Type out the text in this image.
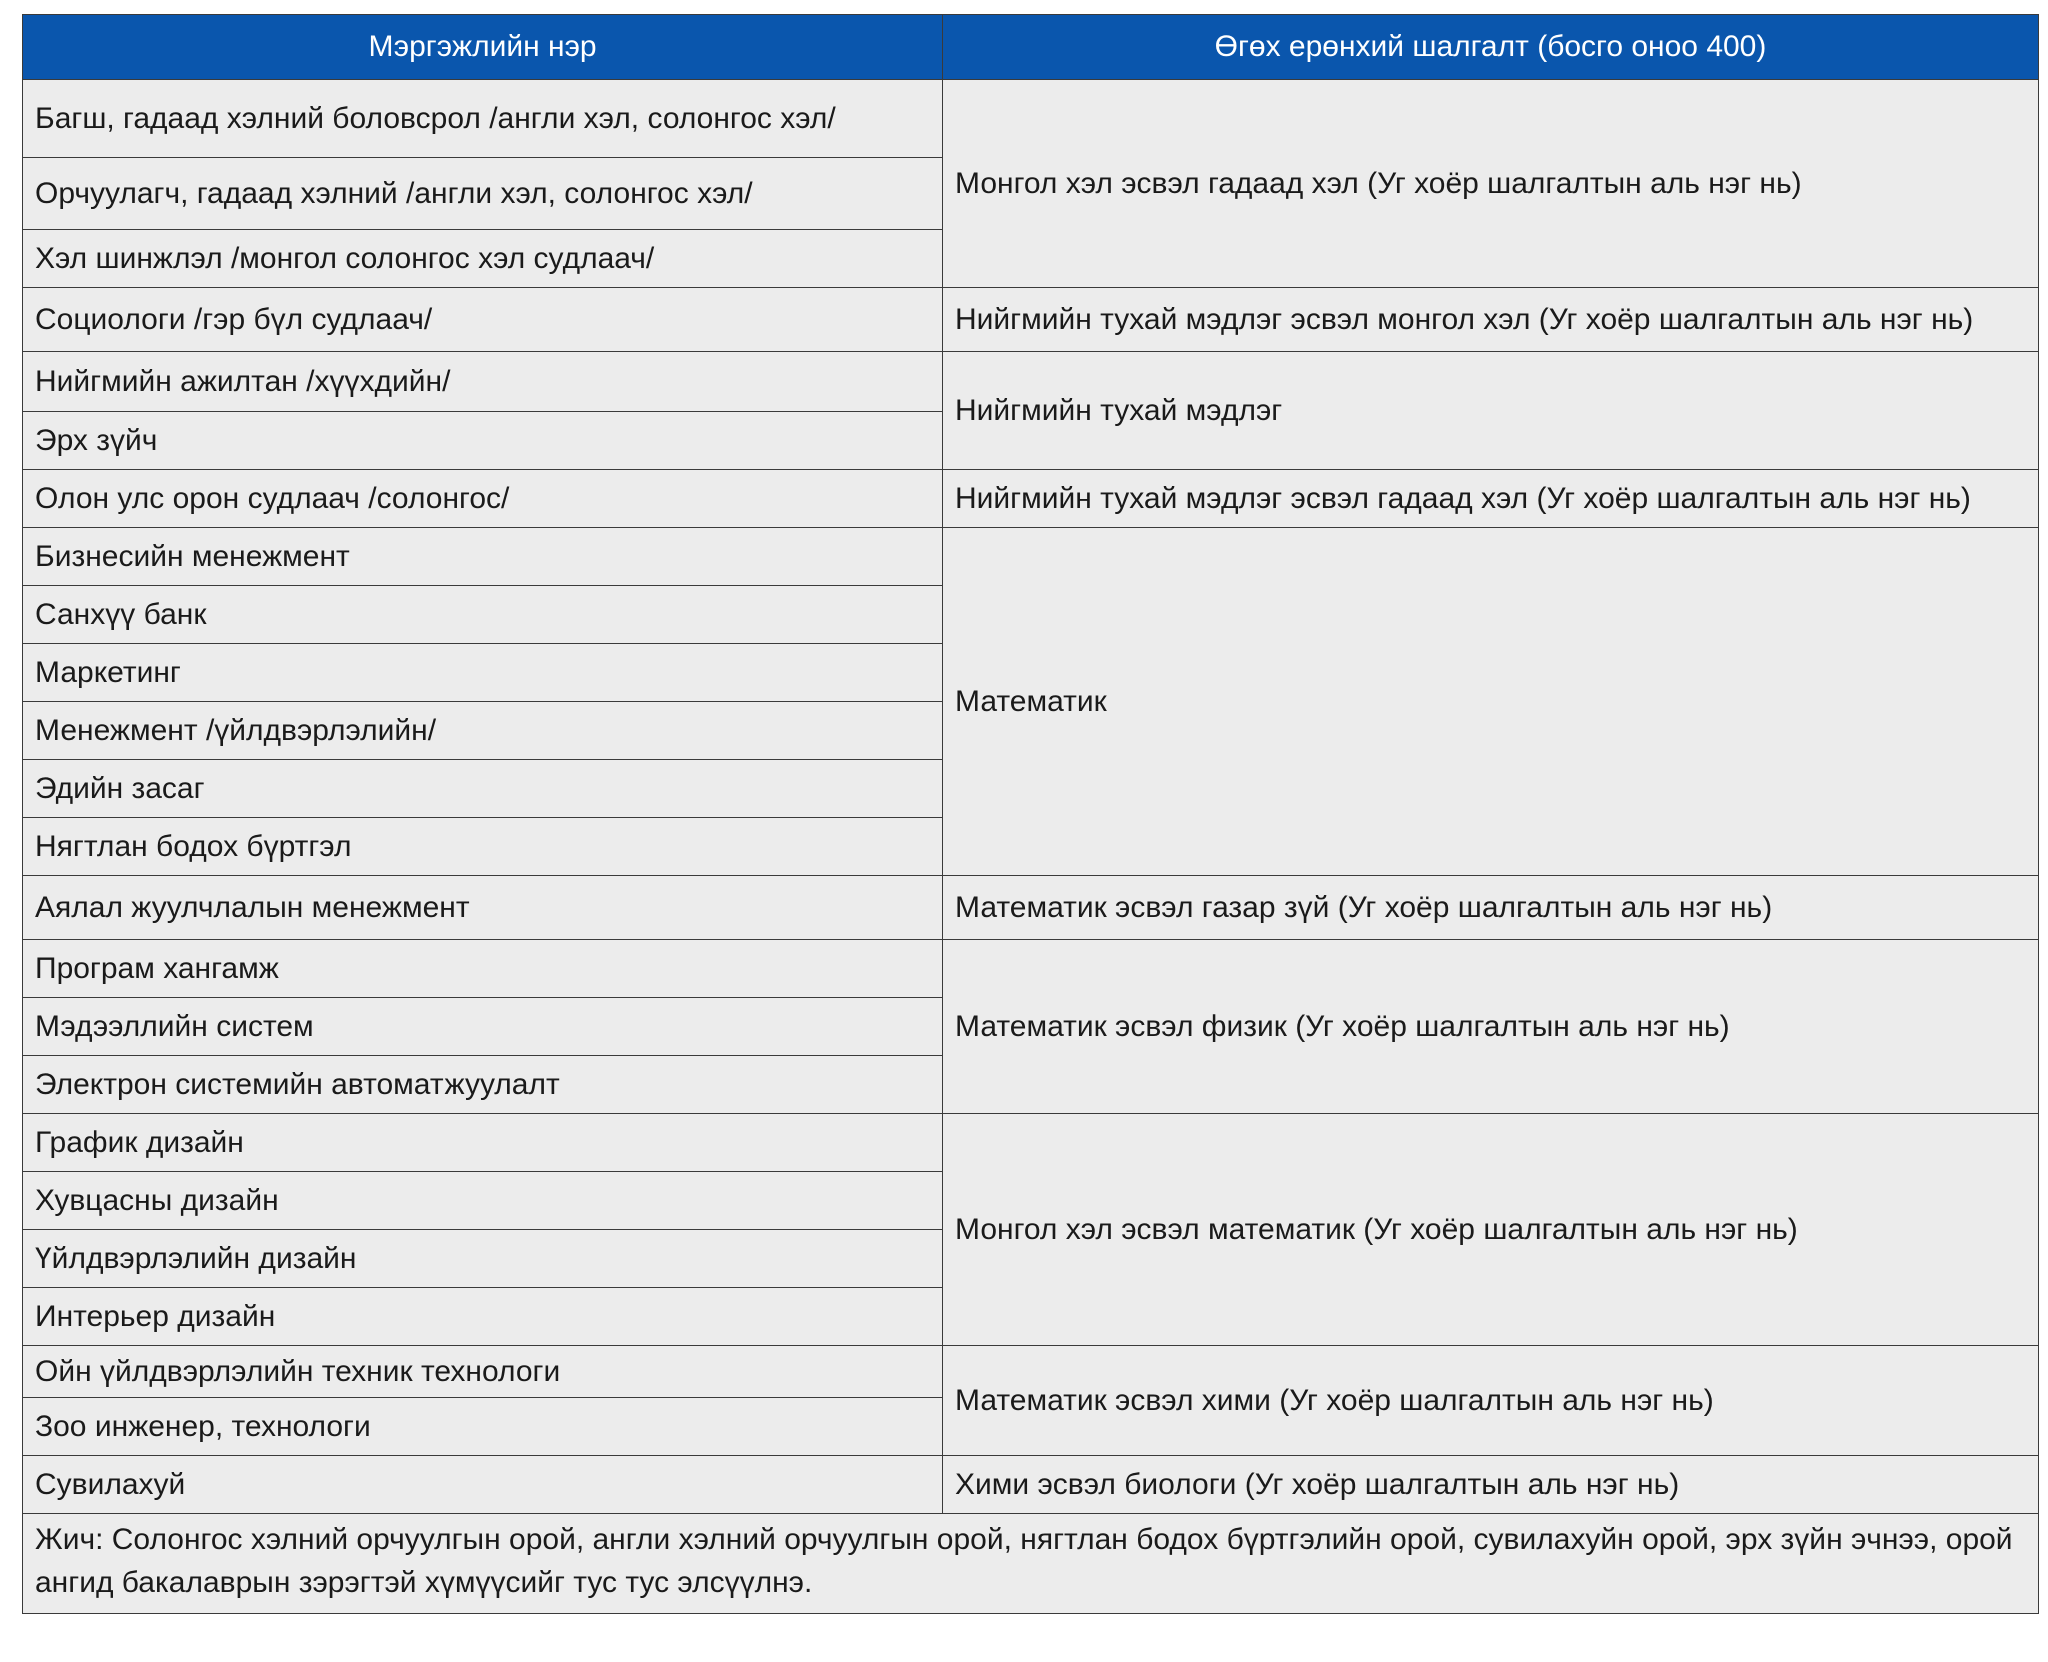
Мэргэжлийн нэр	Өгөх ерөнхий шалгалт (босго оноо 400)
Багш, гадаад хэлний боловсрол /англи хэл, солонгос хэл/	Монгол хэл эсвэл гадаад хэл (Уг хоёр шалгалтын аль нэг нь)
Орчуулагч, гадаад хэлний /англи хэл, солонгос хэл/	
Хэл шинжлэл /монгол солонгос хэл судлаач/	
Социологи /гэр бүл судлаач/	Нийгмийн тухай мэдлэг эсвэл монгол хэл (Уг хоёр шалгалтын аль нэг нь)
Нийгмийн ажилтан /хүүхдийн/	Нийгмийн тухай мэдлэг
Эрх зүйч	
Олон улс орон судлаач /солонгос/	Нийгмийн тухай мэдлэг эсвэл гадаад хэл (Уг хоёр шалгалтын аль нэг нь)
Бизнесийн менежмент	Математик
Санхүү банк	
Маркетинг	
Менежмент /үйлдвэрлэлийн/	
Эдийн засаг	
Нягтлан бодох бүртгэл	
Аялал жуулчлалын менежмент	Математик эсвэл газар зүй (Уг хоёр шалгалтын аль нэг нь)
Програм хангамж	Математик эсвэл физик (Уг хоёр шалгалтын аль нэг нь)
Мэдээллийн систем	
Электрон системийн автоматжуулалт	
График дизайн	Монгол хэл эсвэл математик (Уг хоёр шалгалтын аль нэг нь)
Хувцасны дизайн	
Үйлдвэрлэлийн дизайн	
Интерьер дизайн	
Ойн үйлдвэрлэлийн техник технологи	Математик эсвэл хими (Уг хоёр шалгалтын аль нэг нь)
Зоо инженер, технологи	
Сувилахуй	Хими эсвэл биологи (Уг хоёр шалгалтын аль нэг нь)
Жич: Солонгос хэлний орчуулгын орой, англи хэлний орчуулгын орой, нягтлан бодох бүртгэлийн орой, сувилахуйн орой, эрх зүйн эчнээ, орой ангид бакалаврын зэрэгтэй хүмүүсийг тус тус элсүүлнэ.	
